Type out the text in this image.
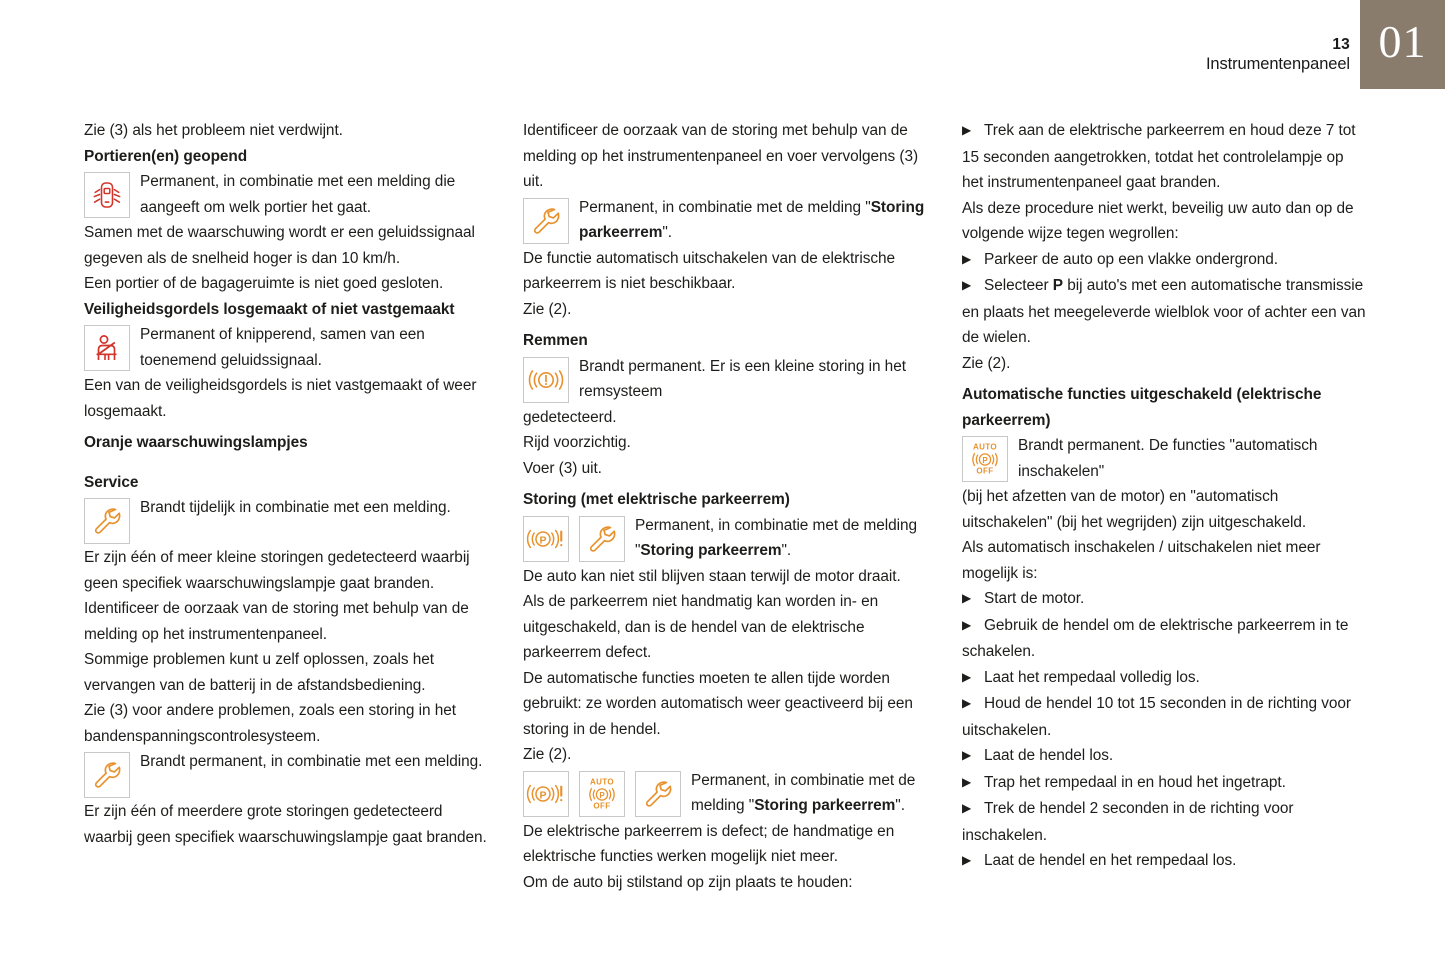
13
Instrumentenpaneel 01

Zie (3) als het probleem niet verdwijnt.

Portieren(en) geopend
Permanent, in combinatie met een melding die aangeeft om welk portier het gaat.

Samen met de waarschuwing wordt er een geluidssignaal gegeven als de snelheid hoger is dan 10 km/h.

Een portier of de bagageruimte is niet goed gesloten.

Veiligheidsgordels losgemaakt of niet vastgemaakt
Permanent of knipperend, samen van een toenemend geluidssignaal.

Een van de veiligheidsgordels is niet vastgemaakt of weer losgemaakt.

Oranje waarschuwingslampjes
Service
Brandt tijdelijk in combinatie met een melding.

Er zijn één of meer kleine storingen gedetecteerd waarbij geen specifiek waarschuwingslampje gaat branden.

Identificeer de oorzaak van de storing met behulp van de melding op het instrumentenpaneel.

Sommige problemen kunt u zelf oplossen, zoals het vervangen van de batterij in de afstandsbediening.

Zie (3) voor andere problemen, zoals een storing in het bandenspanningscontrolesysteem.

Brandt permanent, in combinatie met een melding.

Er zijn één of meerdere grote storingen gedetecteerd waarbij geen specifiek waarschuwingslampje gaat branden.

Identificeer de oorzaak van de storing met behulp van de melding op het instrumentenpaneel en voer vervolgens (3) uit.

Permanent, in combinatie met de melding "Storing parkeerrem".

De functie automatisch uitschakelen van de elektrische parkeerrem is niet beschikbaar.

Zie (2).

Remmen
Brandt permanent. Er is een kleine storing in het remsysteem

gedetecteerd.

Rijd voorzichtig.

Voer (3) uit.

Storing (met elektrische parkeerrem)
P
Permanent, in combinatie met de melding "Storing parkeerrem".

De auto kan niet stil blijven staan terwijl de motor draait.

Als de parkeerrem niet handmatig kan worden in- en uitgeschakeld, dan is de hendel van de elektrische parkeerrem defect.

De automatische functies moeten te allen tijde worden gebruikt: ze worden automatisch weer geactiveerd bij een storing in de hendel.

Zie (2).

P
AUTO
P
OFF
Permanent, in combinatie met de melding "Storing parkeerrem".

De elektrische parkeerrem is defect; de handmatige en elektrische functies werken mogelijk niet meer.

Om de auto bij stilstand op zijn plaats te houden:

▶ Trek aan de elektrische parkeerrem en houd deze 7 tot 15 seconden aangetrokken, totdat het controlelampje op het instrumentenpaneel gaat branden.

Als deze procedure niet werkt, beveilig uw auto dan op de volgende wijze tegen wegrollen:

▶ Parkeer de auto op een vlakke ondergrond.
▶ Selecteer P bij auto's met een automatische transmissie en plaats het meegeleverde wielblok voor of achter een van de wielen.

Zie (2).

Automatische functies uitgeschakeld (elektrische parkeerrem)
AUTO
P
OFF
Brandt permanent. De functies "automatisch inschakelen"

(bij het afzetten van de motor) en "automatisch uitschakelen" (bij het wegrijden) zijn uitgeschakeld.

Als automatisch inschakelen / uitschakelen niet meer mogelijk is:

▶ Start de motor.
▶ Gebruik de hendel om de elektrische parkeerrem in te schakelen.
▶ Laat het rempedaal volledig los.
▶ Houd de hendel 10 tot 15 seconden in de richting voor uitschakelen.
▶ Laat de hendel los.
▶ Trap het rempedaal in en houd het ingetrapt.
▶ Trek de hendel 2 seconden in de richting voor inschakelen.
▶ Laat de hendel en het rempedaal los.
